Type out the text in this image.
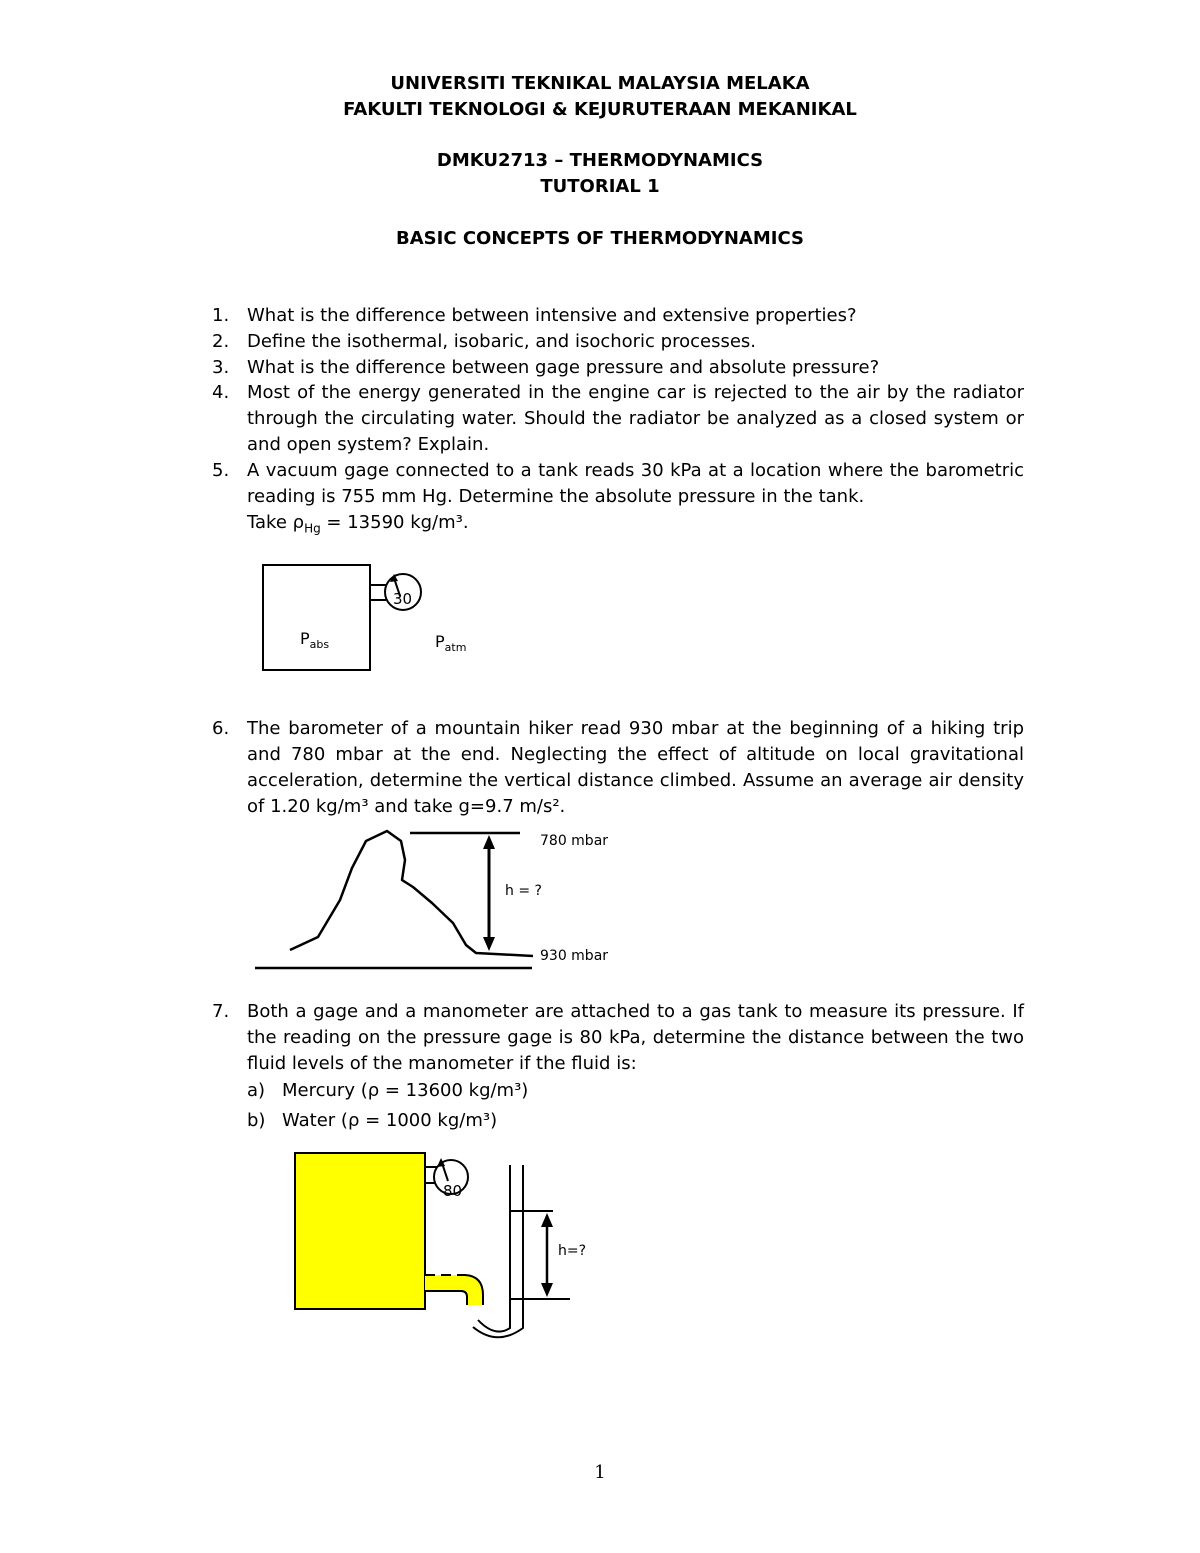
UNIVERSITI TEKNIKAL MALAYSIA MELAKA
FAKULTI TEKNOLOGI & KEJURUTERAAN MEKANIKAL
DMKU2713 – THERMODYNAMICS
TUTORIAL 1
BASIC CONCEPTS OF THERMODYNAMICS
1. What is the difference between intensive and extensive properties?
2. Define the isothermal, isobaric, and isochoric processes.
3. What is the difference between gage pressure and absolute pressure?
4. Most of the energy generated in the engine car is rejected to the air by the radiator through the circulating water. Should the radiator be analyzed as a closed system or and open system? Explain.
5. A vacuum gage connected to a tank reads 30 kPa at a location where the barometric reading is 755 mm Hg. Determine the absolute pressure in the tank.
Take $\rho_{Hg} = 13590$ kg/m³.
30
$P_{abs}$	$P_{atm}$
6. The barometer of a mountain hiker read 930 mbar at the beginning of a hiking trip and 780 mbar at the end. Neglecting the effect of altitude on local gravitational acceleration, determine the vertical distance climbed. Assume an average air density of 1.20 kg/m³ and take g=9.7 m/s².
780 mbar
h = ?
930 mbar
7. Both a gage and a manometer are attached to a gas tank to measure its pressure. If the reading on the pressure gage is 80 kPa, determine the distance between the two fluid levels of the manometer if the fluid is:
a) Mercury (ρ = 13600 kg/m³)
b) Water (ρ = 1000 kg/m³)
80
h=?
1
